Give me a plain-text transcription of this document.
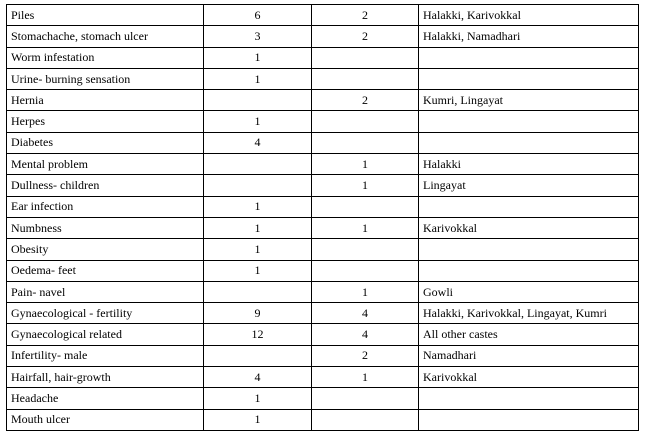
Piles	6	2	Halakki, Karivokkal
Stomachache, stomach ulcer	3	2	Halakki, Namadhari
Worm infestation	1		
Urine- burning sensation	1		
Hernia		2	Kumri, Lingayat
Herpes	1		
Diabetes	4		
Mental problem		1	Halakki
Dullness- children		1	Lingayat
Ear infection	1		
Numbness	1	1	Karivokkal
Obesity	1		
Oedema- feet	1		
Pain- navel		1	Gowli
Gynaecological - fertility	9	4	Halakki, Karivokkal, Lingayat, Kumri
Gynaecological related	12	4	All other castes
Infertility- male		2	Namadhari
Hairfall, hair-growth	4	1	Karivokkal
Headache	1		
Mouth ulcer	1		
